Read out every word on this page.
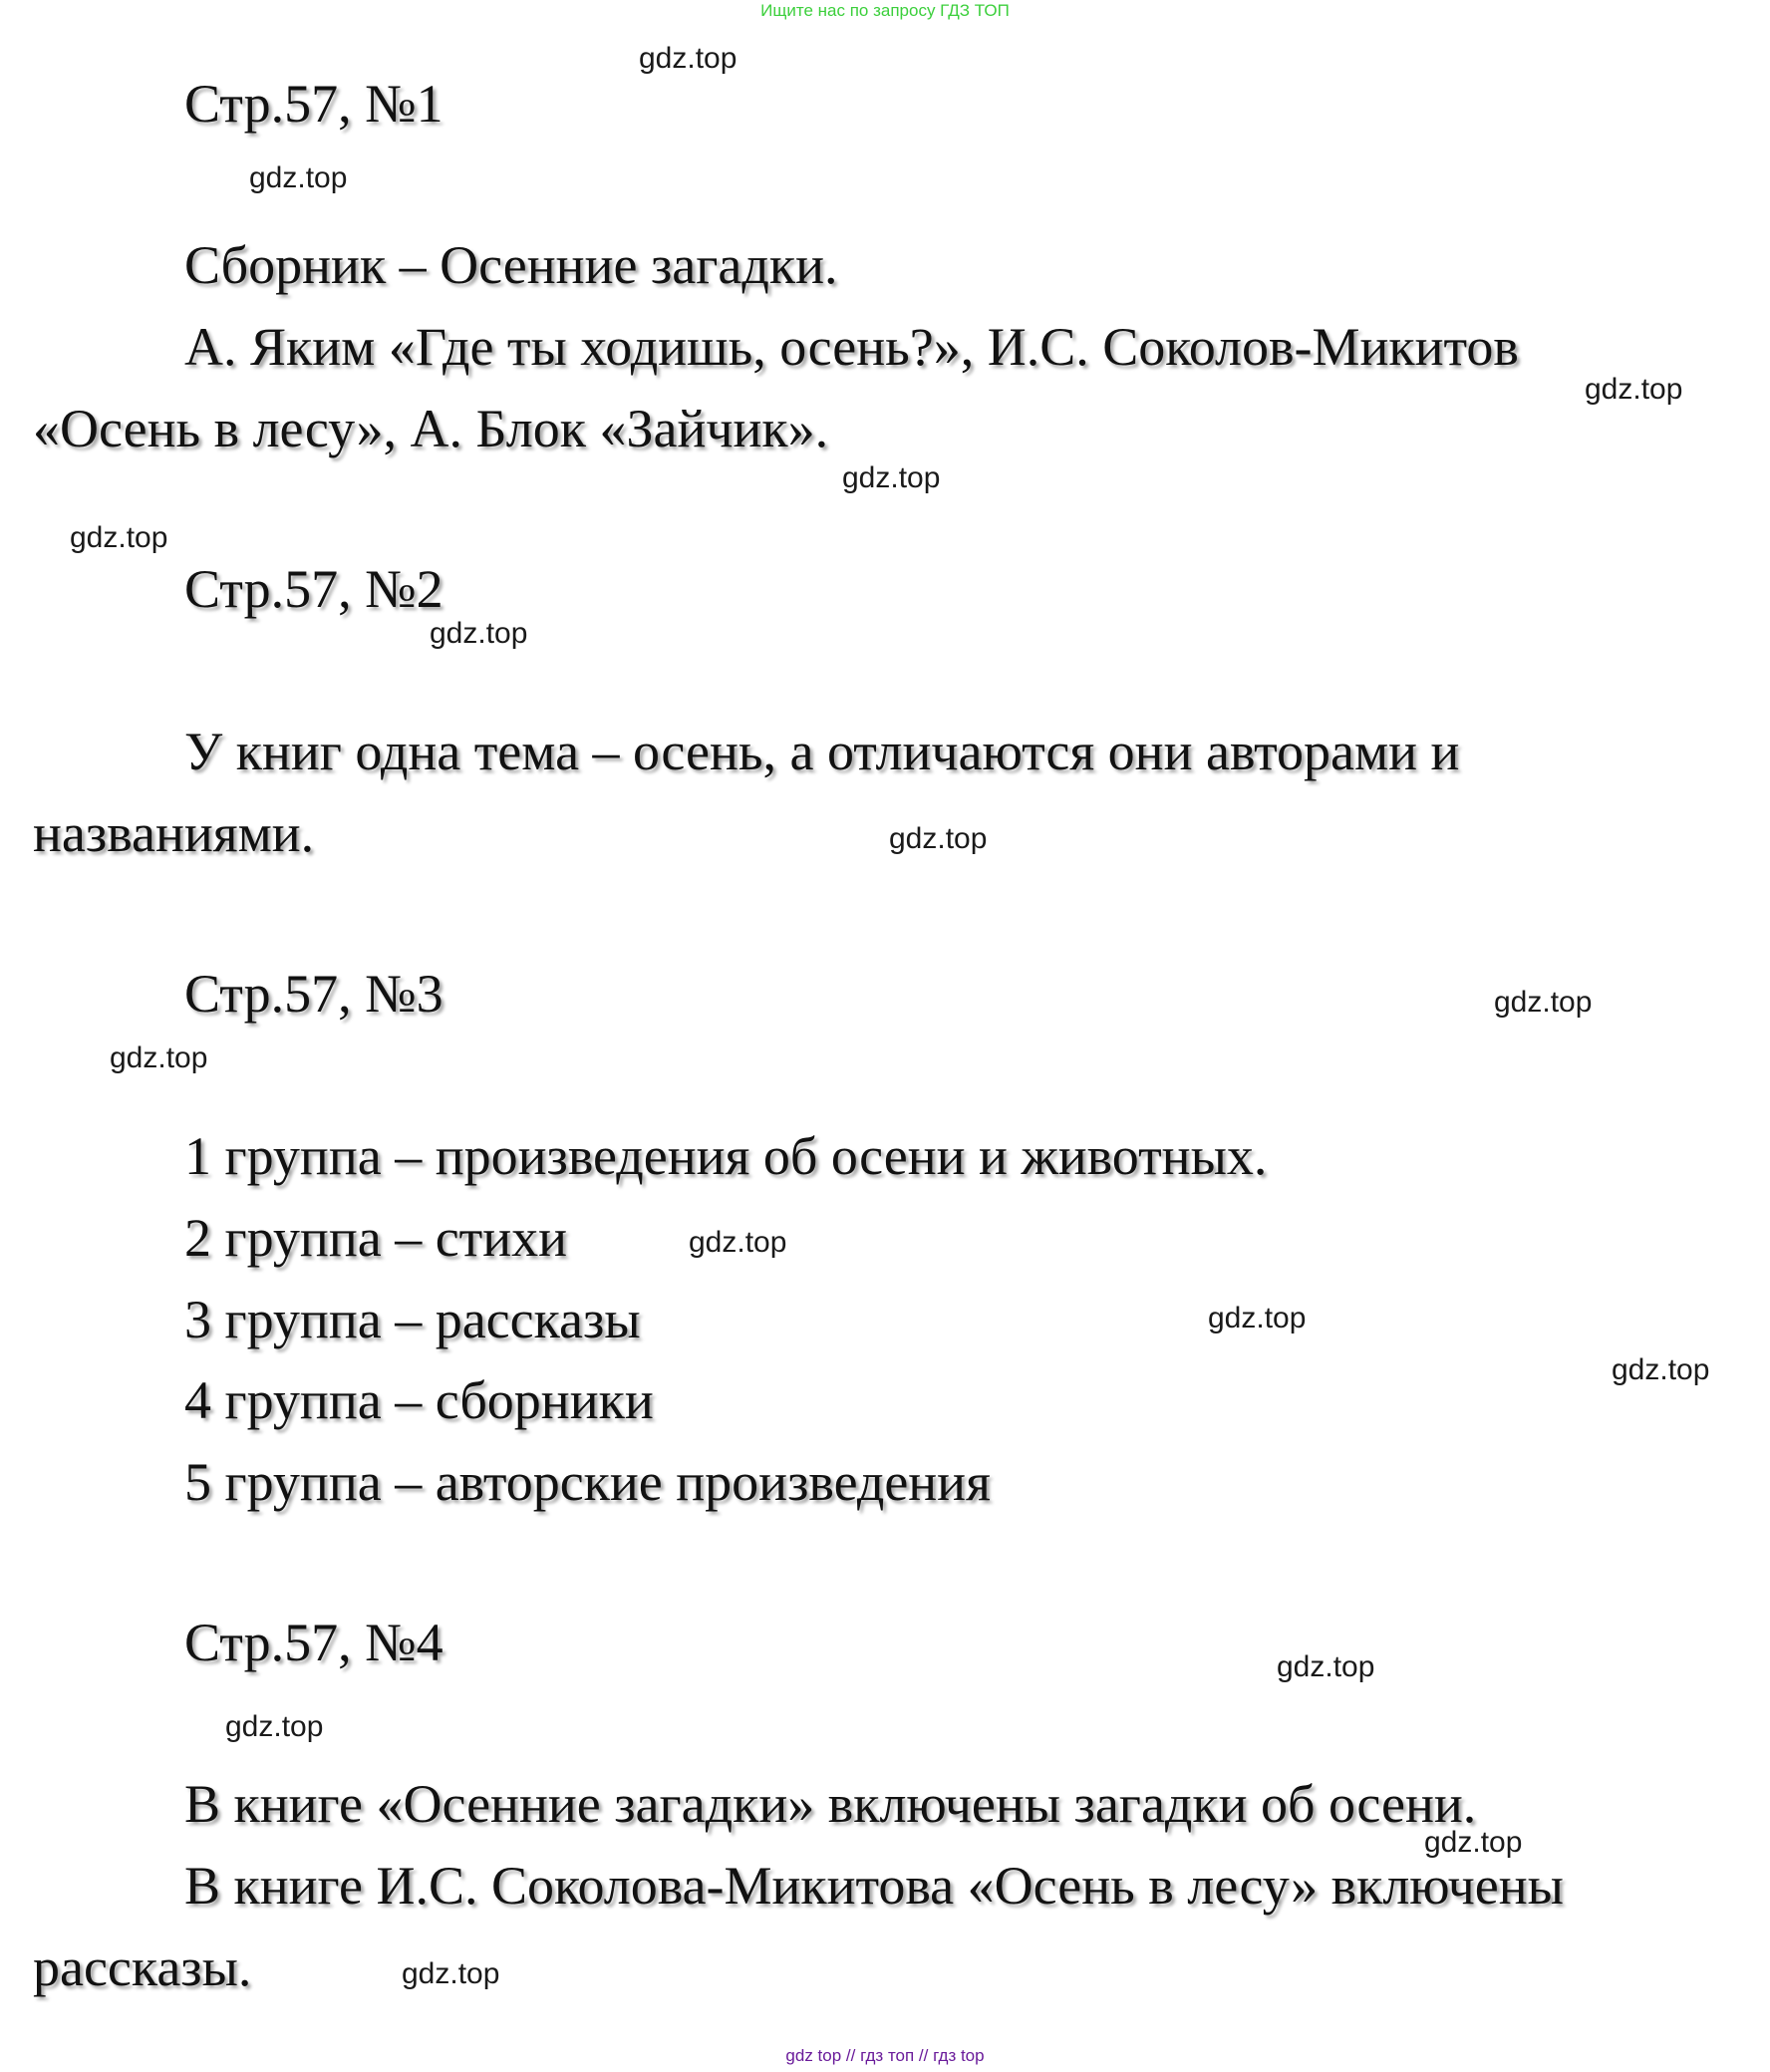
Ищите нас по запросу ГДЗ ТОП
Стр.57, №1
Сборник – Осенние загадки.
А. Яким «Где ты ходишь, осень?», И.С. Соколов-Микитов
«Осень в лесу», А. Блок «Зайчик».
Стр.57, №2
У книг одна тема – осень, а отличаются они авторами и
названиями.
Стр.57, №3
1 группа – произведения об осени и животных.
2 группа – стихи
3 группа – рассказы
4 группа – сборники
5 группа – авторские произведения
Стр.57, №4
В книге «Осенние загадки» включены загадки об осени.
В книге И.С. Соколова-Микитова «Осень в лесу» включены
рассказы.
gdz.top
gdz.top
gdz.top
gdz.top
gdz.top
gdz.top
gdz.top
gdz.top
gdz.top
gdz.top
gdz.top
gdz.top
gdz.top
gdz.top
gdz.top
gdz.top
gdz top // гдз топ // гдз top
